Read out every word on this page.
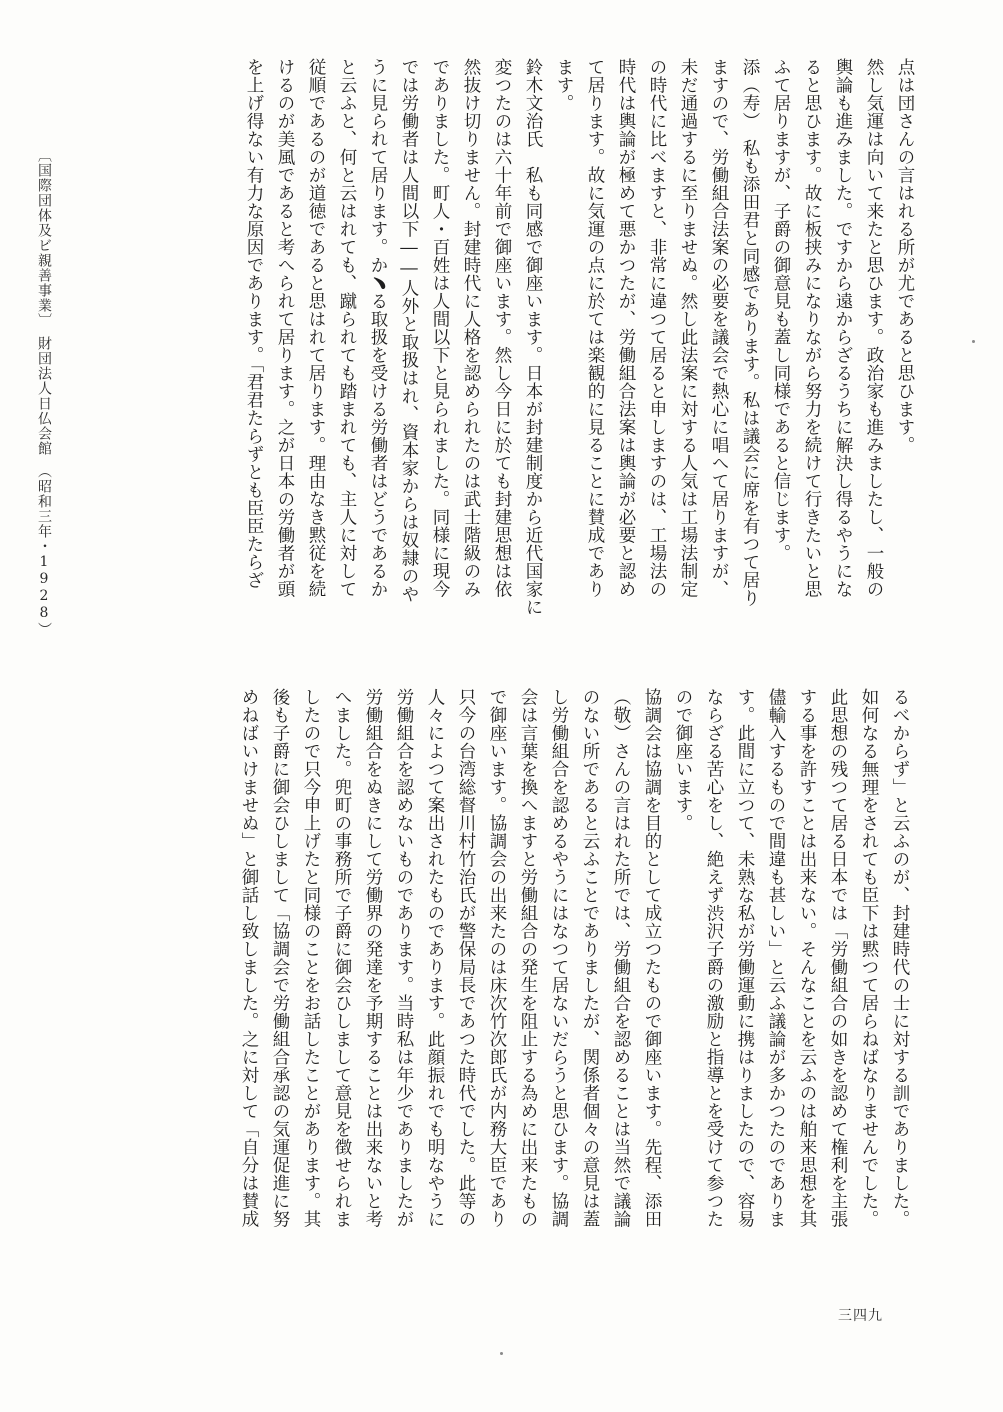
点は団さんの言はれる所が尤であると思ひます。
然し気運は向いて来たと思ひます。政治家も進みましたし、一般の
輿論も進みました。ですから遠からざるうちに解決し得るやうにな
ると思ひます。故に板挟みになりながら努力を続けて行きたいと思
ふて居りますが、子爵の御意見も蓋し同様であると信じます。
添（寿）　私も添田君と同感であります。私は議会に席を有つて居り
ますので、労働組合法案の必要を議会で熱心に唱へて居りますが、
未だ通過するに至りませぬ。然し此法案に対する人気は工場法制定
の時代に比べますと、非常に違つて居ると申しますのは、工場法の
時代は輿論が極めて悪かつたが、労働組合法案は輿論が必要と認め
て居ります。故に気運の点に於ては楽観的に見ることに賛成であり
ます。
鈴木文治氏　私も同感で御座います。日本が封建制度から近代国家に
変つたのは六十年前で御座います。然し今日に於ても封建思想は依
然抜け切りません。封建時代に人格を認められたのは武士階級のみ
でありました。町人・百姓は人間以下と見られました。同様に現今
では労働者は人間以下――人外と取扱はれ、資本家からは奴隷のや
うに見られて居ります。か﹅る取扱を受ける労働者はどうであるか
と云ふと、何と云はれても、蹴られても踏まれても、主人に対して
従順であるのが道徳であると思はれて居ります。理由なき黙従を続
けるのが美風であると考へられて居ります。之が日本の労働者が頭
を上げ得ない有力な原因であります。「君君たらずとも臣臣たらざ
るべからず」と云ふのが、封建時代の士に対する訓でありました。
如何なる無理をされても臣下は黙つて居らねばなりませんでした。
此思想の残つて居る日本では「労働組合の如きを認めて権利を主張
する事を許すことは出来ない。そんなことを云ふのは舶来思想を其
儘輸入するもので間違も甚しい」と云ふ議論が多かつたのでありま
す。此間に立つて、未熟な私が労働運動に携はりましたので、容易
ならざる苦心をし、絶えず渋沢子爵の激励と指導とを受けて参つた
ので御座います。
協調会は協調を目的として成立つたもので御座います。先程、添田
（敬）さんの言はれた所では、労働組合を認めることは当然で議論
のない所であると云ふことでありましたが、関係者個々の意見は蓋
し労働組合を認めるやうにはなつて居ないだらうと思ひます。協調
会は言葉を換へますと労働組合の発生を阻止する為めに出来たもの
で御座います。協調会の出来たのは床次竹次郎氏が内務大臣であり
只今の台湾総督川村竹治氏が警保局長であつた時代でした。此等の
人々によつて案出されたものであります。此顔振れでも明なやうに
労働組合を認めないものであります。当時私は年少でありましたが
労働組合をぬきにして労働界の発達を予期することは出来ないと考
へました。兜町の事務所で子爵に御会ひしまして意見を徴せられま
したので只今申上げたと同様のことをお話したことがあります。其
後も子爵に御会ひしまして「協調会で労働組合承認の気運促進に努
めねばいけませぬ」と御話し致しました。之に対して「自分は賛成
〔国際団体及ビ親善事業〕　財団法人日仏会館　（昭和三年・1928）
三四九
